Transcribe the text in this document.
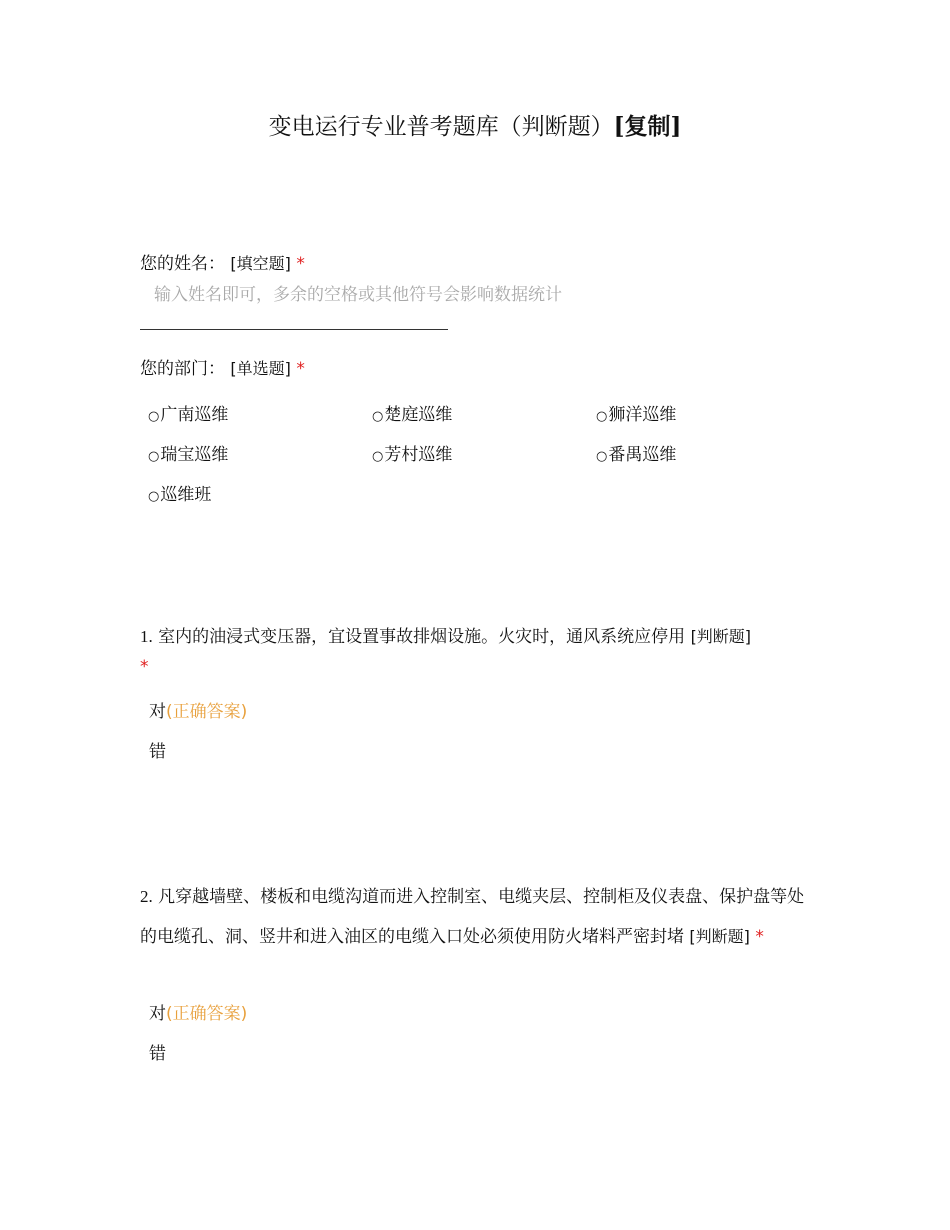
变电运行专业普考题库（判断题）[复制]
您的姓名： [填空题] *
输入姓名即可，多余的空格或其他符号会影响数据统计
您的部门： [单选题] *
○广南巡维	○楚庭巡维	○狮洋巡维
○瑞宝巡维	○芳村巡维	○番禺巡维
○巡维班
1. 室内的油浸式变压器，宜设置事故排烟设施。火灾时，通风系统应停用 [判断题]
*
对(正确答案)
错
2. 凡穿越墙壁、楼板和电缆沟道而进入控制室、电缆夹层、控制柜及仪表盘、保护盘等处的电缆孔、洞、竖井和进入油区的电缆入口处必须使用防火堵料严密封堵 [判断题] *
对(正确答案)
错
